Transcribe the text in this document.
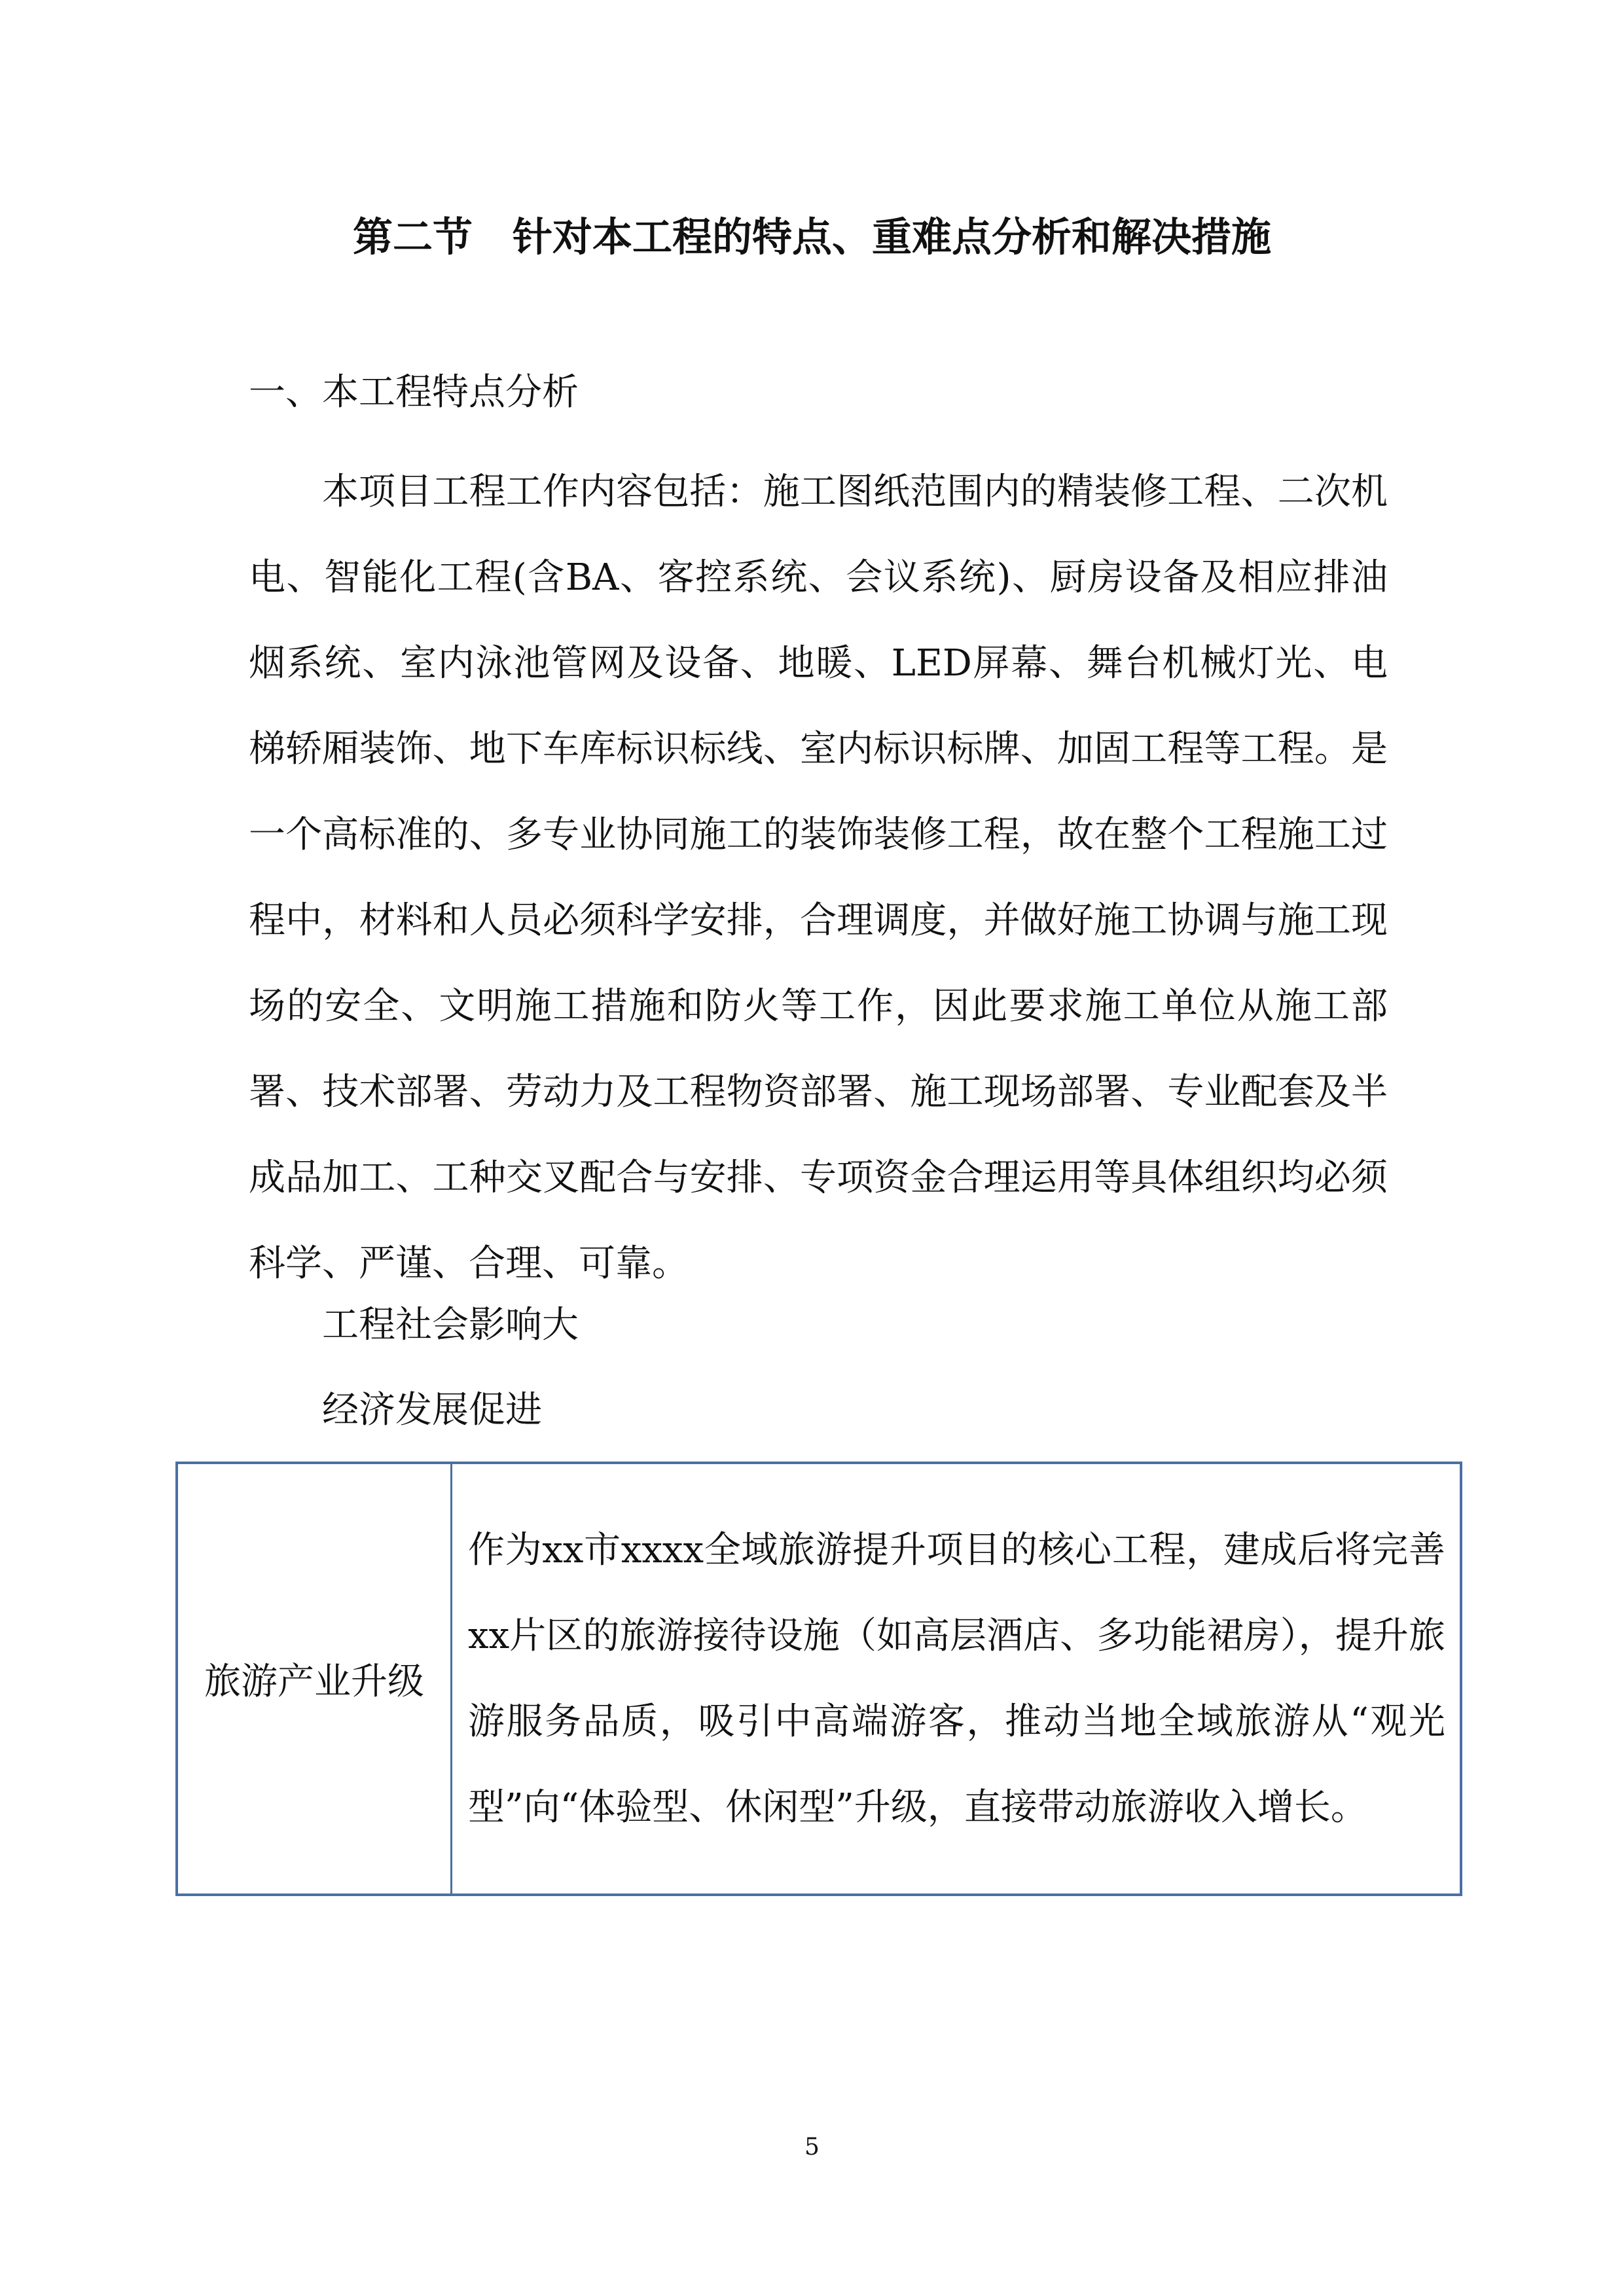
第二节　针对本工程的特点、重难点分析和解决措施
一、本工程特点分析

本项目工程工作内容包括：施工图纸范围内的精装修工程、二次机电、智能化工程(含BA、客控系统、会议系统)、厨房设备及相应排油烟系统、室内泳池管网及设备、地暖、LED屏幕、舞台机械灯光、电梯轿厢装饰、地下车库标识标线、室内标识标牌、加固工程等工程。是一个高标准的、多专业协同施工的装饰装修工程，故在整个工程施工过程中，材料和人员必须科学安排，合理调度，并做好施工协调与施工现场的安全、文明施工措施和防火等工作，因此要求施工单位从施工部署、技术部署、劳动力及工程物资部署、施工现场部署、专业配套及半成品加工、工种交叉配合与安排、专项资金合理运用等具体组织均必须科学、严谨、合理、可靠。

工程社会影响大
经济发展促进
旅游产业升级	作为xx市xxxx全域旅游提升项目的核心工程，建成后将完善xx片区的旅游接待设施（如高层酒店、多功能裙房），提升旅游服务品质，吸引中高端游客，推动当地全域旅游从“观光型”向“体验型、休闲型”升级，直接带动旅游收入增长。
5
